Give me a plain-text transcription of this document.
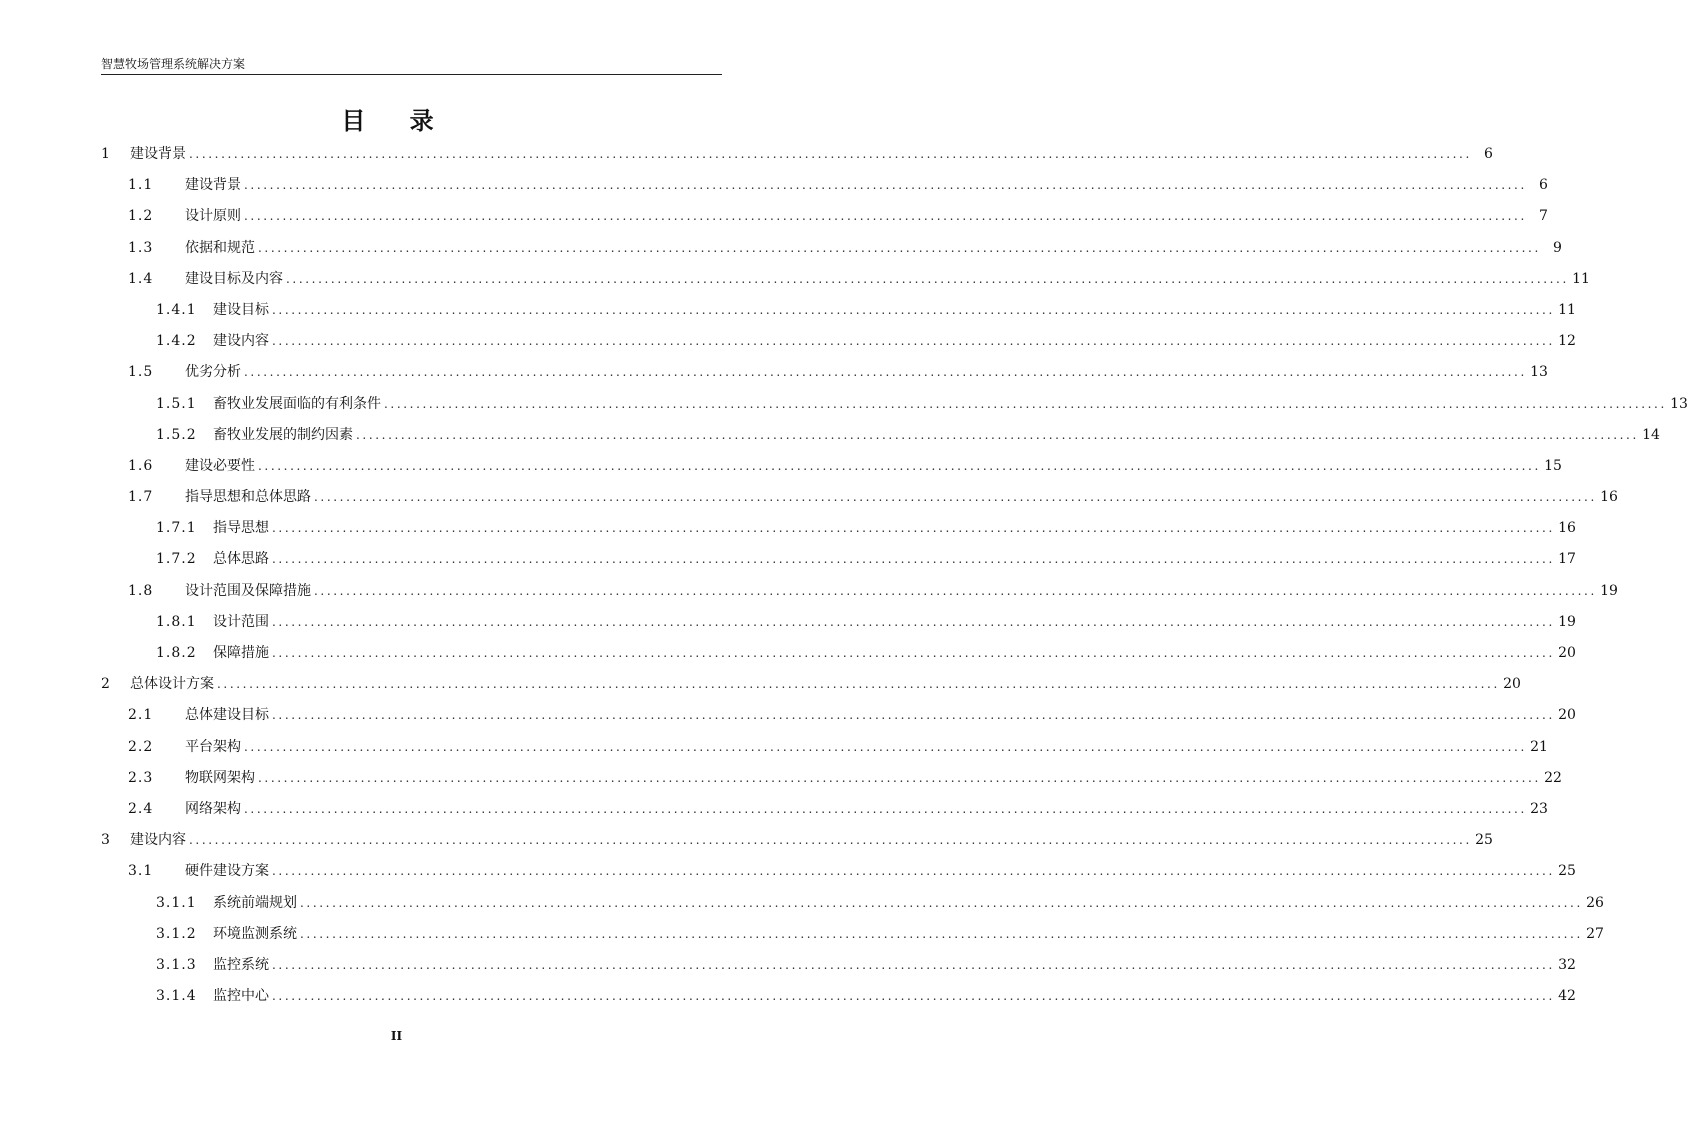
智慧牧场管理系统解决方案
目 录
1	建设背景 ........................................................................................................................................................................................................ 6
1.1	建设背景 ........................................................................................................................................................................................................ 6
1.2	设计原则 ........................................................................................................................................................................................................ 7
1.3	依据和规范 ........................................................................................................................................................................................................ 9
1.4	建设目标及内容 ........................................................................................................................................................................................................ 11
1.4.1	建设目标 ........................................................................................................................................................................................................ 11
1.4.2	建设内容 ........................................................................................................................................................................................................ 12
1.5	优劣分析 ........................................................................................................................................................................................................ 13
1.5.1	畜牧业发展面临的有利条件 ........................................................................................................................................................................................................ 13
1.5.2	畜牧业发展的制约因素 ........................................................................................................................................................................................................ 14
1.6	建设必要性 ........................................................................................................................................................................................................ 15
1.7	指导思想和总体思路 ........................................................................................................................................................................................................ 16
1.7.1	指导思想 ........................................................................................................................................................................................................ 16
1.7.2	总体思路 ........................................................................................................................................................................................................ 17
1.8	设计范围及保障措施 ........................................................................................................................................................................................................ 19
1.8.1	设计范围 ........................................................................................................................................................................................................ 19
1.8.2	保障措施 ........................................................................................................................................................................................................ 20
2	总体设计方案 ........................................................................................................................................................................................................ 20
2.1	总体建设目标 ........................................................................................................................................................................................................ 20
2.2	平台架构 ........................................................................................................................................................................................................ 21
2.3	物联网架构 ........................................................................................................................................................................................................ 22
2.4	网络架构 ........................................................................................................................................................................................................ 23
3	建设内容 ........................................................................................................................................................................................................ 25
3.1	硬件建设方案 ........................................................................................................................................................................................................ 25
3.1.1	系统前端规划 ........................................................................................................................................................................................................ 26
3.1.2	环境监测系统 ........................................................................................................................................................................................................ 27
3.1.3	监控系统 ........................................................................................................................................................................................................ 32
3.1.4	监控中心 ........................................................................................................................................................................................................ 42
II
